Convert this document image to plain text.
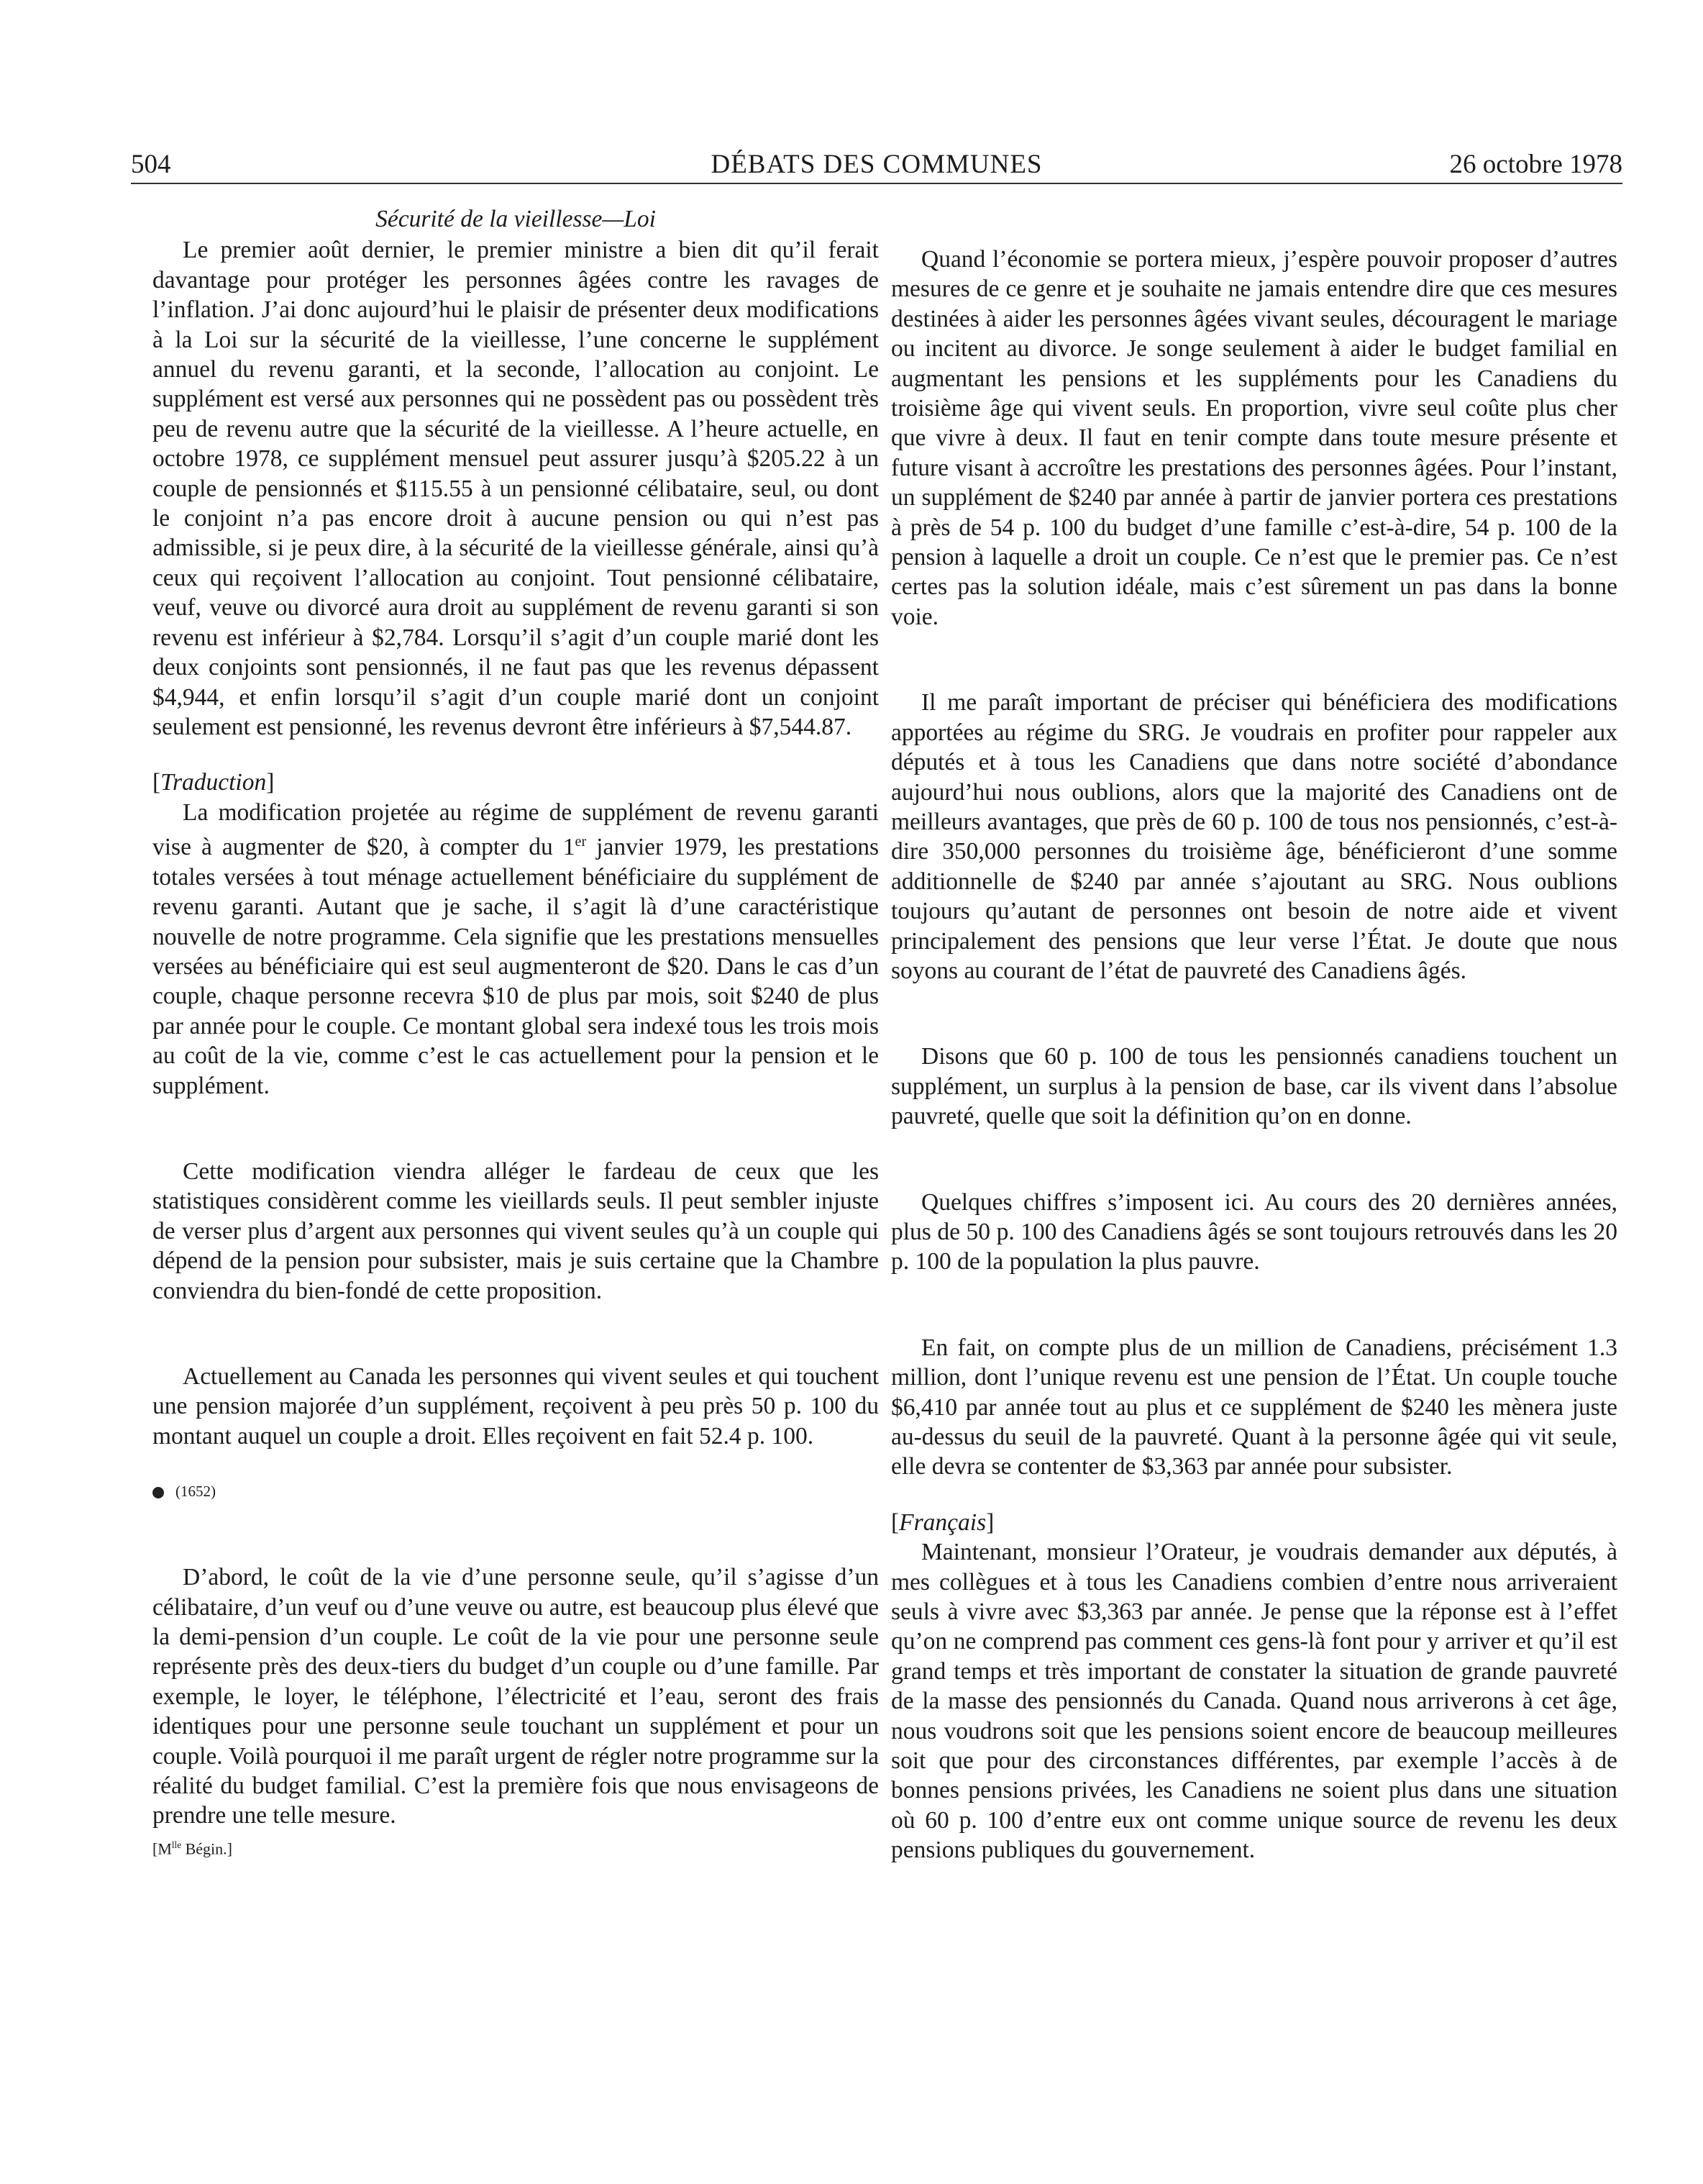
504	DÉBATS DES COMMUNES	26 octobre 1978
Sécurité de la vieillesse—Loi

Le premier août dernier, le premier ministre a bien dit qu’il ferait davantage pour protéger les personnes âgées contre les ravages de l’inflation. J’ai donc aujourd’hui le plaisir de présenter deux modifications à la Loi sur la sécurité de la vieillesse, l’une concerne le supplément annuel du revenu garanti, et la seconde, l’allocation au conjoint. Le supplément est versé aux personnes qui ne possèdent pas ou possèdent très peu de revenu autre que la sécurité de la vieillesse. A l’heure actuelle, en octobre 1978, ce supplément mensuel peut assurer jusqu’à $205.22 à un couple de pensionnés et $115.55 à un pensionné célibataire, seul, ou dont le conjoint n’a pas encore droit à aucune pension ou qui n’est pas admissible, si je peux dire, à la sécurité de la vieillesse générale, ainsi qu’à ceux qui reçoivent l’allocation au conjoint. Tout pensionné célibataire, veuf, veuve ou divorcé aura droit au supplément de revenu garanti si son revenu est inférieur à $2,784. Lorsqu’il s’agit d’un couple marié dont les deux conjoints sont pensionnés, il ne faut pas que les revenus dépassent $4,944, et enfin lorsqu’il s’agit d’un couple marié dont un conjoint seulement est pensionné, les revenus devront être inférieurs à $7,544.87.

[Traduction]

La modification projetée au régime de supplément de revenu garanti vise à augmenter de $20, à compter du 1er janvier 1979, les prestations totales versées à tout ménage actuellement bénéficiaire du supplément de revenu garanti. Autant que je sache, il s’agit là d’une caractéristique nouvelle de notre programme. Cela signifie que les prestations mensuelles versées au bénéficiaire qui est seul augmenteront de $20. Dans le cas d’un couple, chaque personne recevra $10 de plus par mois, soit $240 de plus par année pour le couple. Ce montant global sera indexé tous les trois mois au coût de la vie, comme c’est le cas actuellement pour la pension et le supplément.

Cette modification viendra alléger le fardeau de ceux que les statistiques considèrent comme les vieillards seuls. Il peut sembler injuste de verser plus d’argent aux personnes qui vivent seules qu’à un couple qui dépend de la pension pour subsister, mais je suis certaine que la Chambre conviendra du bien-fondé de cette proposition.

Actuellement au Canada les personnes qui vivent seules et qui touchent une pension majorée d’un supplément, reçoivent à peu près 50 p. 100 du montant auquel un couple a droit. Elles reçoivent en fait 52.4 p. 100.

(1652)

D’abord, le coût de la vie d’une personne seule, qu’il s’agisse d’un célibataire, d’un veuf ou d’une veuve ou autre, est beaucoup plus élevé que la demi-pension d’un couple. Le coût de la vie pour une personne seule représente près des deux-tiers du budget d’un couple ou d’une famille. Par exemple, le loyer, le téléphone, l’électricité et l’eau, seront des frais identiques pour une personne seule touchant un supplément et pour un couple. Voilà pourquoi il me paraît urgent de régler notre programme sur la réalité du budget familial. C’est la première fois que nous envisageons de prendre une telle mesure.

[$M^{lle}$ Bégin.]

Quand l’économie se portera mieux, j’espère pouvoir proposer d’autres mesures de ce genre et je souhaite ne jamais entendre dire que ces mesures destinées à aider les personnes âgées vivant seules, découragent le mariage ou incitent au divorce. Je songe seulement à aider le budget familial en augmentant les pensions et les suppléments pour les Canadiens du troisième âge qui vivent seuls. En proportion, vivre seul coûte plus cher que vivre à deux. Il faut en tenir compte dans toute mesure présente et future visant à accroître les prestations des personnes âgées. Pour l’instant, un supplément de $240 par année à partir de janvier portera ces prestations à près de 54 p. 100 du budget d’une famille c’est-à-dire, 54 p. 100 de la pension à laquelle a droit un couple. Ce n’est que le premier pas. Ce n’est certes pas la solution idéale, mais c’est sûrement un pas dans la bonne voie.

Il me paraît important de préciser qui bénéficiera des modifications apportées au régime du SRG. Je voudrais en profiter pour rappeler aux députés et à tous les Canadiens que dans notre société d’abondance aujourd’hui nous oublions, alors que la majorité des Canadiens ont de meilleurs avantages, que près de 60 p. 100 de tous nos pensionnés, c’est-à-dire 350,000 personnes du troisième âge, bénéficieront d’une somme additionnelle de $240 par année s’ajoutant au SRG. Nous oublions toujours qu’autant de personnes ont besoin de notre aide et vivent principalement des pensions que leur verse l’État. Je doute que nous soyons au courant de l’état de pauvreté des Canadiens âgés.

Disons que 60 p. 100 de tous les pensionnés canadiens touchent un supplément, un surplus à la pension de base, car ils vivent dans l’absolue pauvreté, quelle que soit la définition qu’on en donne.

Quelques chiffres s’imposent ici. Au cours des 20 dernières années, plus de 50 p. 100 des Canadiens âgés se sont toujours retrouvés dans les 20 p. 100 de la population la plus pauvre.

En fait, on compte plus de un million de Canadiens, précisément 1.3 million, dont l’unique revenu est une pension de l’État. Un couple touche $6,410 par année tout au plus et ce supplément de $240 les mènera juste au-dessus du seuil de la pauvreté. Quant à la personne âgée qui vit seule, elle devra se contenter de $3,363 par année pour subsister.

[Français]

Maintenant, monsieur l’Orateur, je voudrais demander aux députés, à mes collègues et à tous les Canadiens combien d’entre nous arriveraient seuls à vivre avec $3,363 par année. Je pense que la réponse est à l’effet qu’on ne comprend pas comment ces gens-là font pour y arriver et qu’il est grand temps et très important de constater la situation de grande pauvreté de la masse des pensionnés du Canada. Quand nous arriverons à cet âge, nous voudrons soit que les pensions soient encore de beaucoup meilleures soit que pour des circonstances différentes, par exemple l’accès à de bonnes pensions privées, les Canadiens ne soient plus dans une situation où 60 p. 100 d’entre eux ont comme unique source de revenu les deux pensions publiques du gouvernement.
